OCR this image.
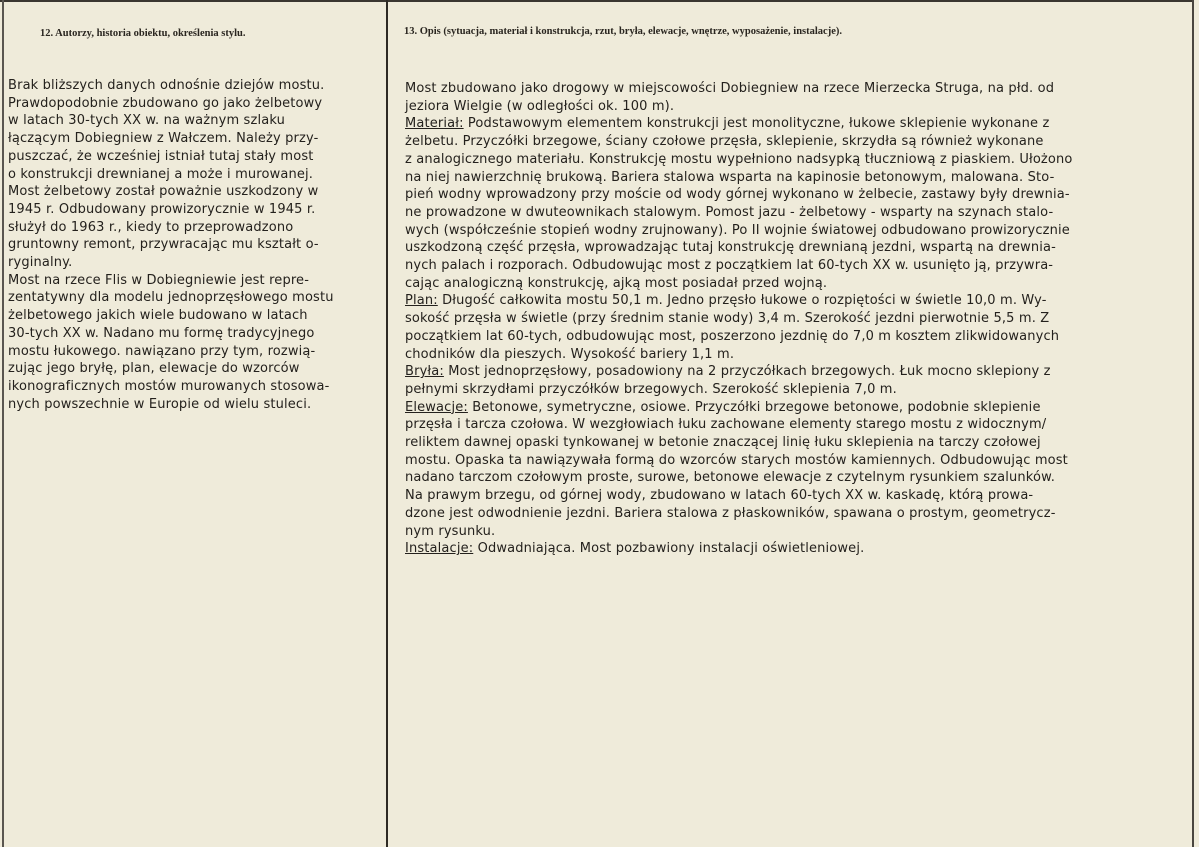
12. Autorzy, historia obiektu, określenia stylu.	13. Opis (sytuacja, materiał i konstrukcja, rzut, bryła, elewacje, wnętrze, wyposażenie, instalacje).
Brak bliższych danych odnośnie dziejów mostu.
Prawdopodobnie zbudowano go jako żelbetowy
w latach 30-tych XX w. na ważnym szlaku
łączącym Dobiegniew z Wałczem. Należy przy-
puszczać, że wcześniej istniał tutaj stały most
o konstrukcji drewnianej a może i murowanej.
Most żelbetowy został poważnie uszkodzony w
1945 r. Odbudowany prowizorycznie w 1945 r.
służył do 1963 r., kiedy to przeprowadzono
gruntowny remont, przywracając mu kształt o-
ryginalny.
Most na rzece Flis w Dobiegniewie jest repre-
zentatywny dla modelu jednoprzęsłowego mostu
żelbetowego jakich wiele budowano w latach
30-tych XX w. Nadano mu formę tradycyjnego
mostu łukowego. nawiązano przy tym, rozwią-
zując jego bryłę, plan, elewacje do wzorców
ikonograficznych mostów murowanych stosowa-
nych powszechnie w Europie od wielu stuleci.
Most zbudowano jako drogowy w miejscowości Dobiegniew na rzece Mierzecka Struga, na płd. od
jeziora Wielgie (w odległości ok. 100 m).
Materiał: Podstawowym elementem konstrukcji jest monolityczne, łukowe sklepienie wykonane z
żelbetu. Przyczółki brzegowe, ściany czołowe przęsła, sklepienie, skrzydła są również wykonane
z analogicznego materiału. Konstrukcję mostu wypełniono nadsypką tłuczniową z piaskiem. Ułożono
na niej nawierzchnię brukową. Bariera stalowa wsparta na kapinosie betonowym, malowana. Sto-
pień wodny wprowadzony przy moście od wody górnej wykonano w żelbecie, zastawy były drewnia-
ne prowadzone w dwuteownikach stalowym. Pomost jazu - żelbetowy - wsparty na szynach stalo-
wych (współcześnie stopień wodny zrujnowany). Po II wojnie światowej odbudowano prowizorycznie
uszkodzoną część przęsła, wprowadzając tutaj konstrukcję drewnianą jezdni, wspartą na drewnia-
nych palach i rozporach. Odbudowując most z początkiem lat 60-tych XX w. usunięto ją, przywra-
cając analogiczną konstrukcję, ajką most posiadał przed wojną.
Plan: Długość całkowita mostu 50,1 m. Jedno przęsło łukowe o rozpiętości w świetle 10,0 m. Wy-
sokość przęsła w świetle (przy średnim stanie wody) 3,4 m. Szerokość jezdni pierwotnie 5,5 m. Z
początkiem lat 60-tych, odbudowując most, poszerzono jezdnię do 7,0 m kosztem zlikwidowanych
chodników dla pieszych. Wysokość bariery 1,1 m.
Bryła: Most jednoprzęsłowy, posadowiony na 2 przyczółkach brzegowych. Łuk mocno sklepiony z
pełnymi skrzydłami przyczółków brzegowych. Szerokość sklepienia 7,0 m.
Elewacje: Betonowe, symetryczne, osiowe. Przyczółki brzegowe betonowe, podobnie sklepienie
przęsła i tarcza czołowa. W wezgłowiach łuku zachowane elementy starego mostu z widocznym/
reliktem dawnej opaski tynkowanej w betonie znaczącej linię łuku sklepienia na tarczy czołowej
mostu. Opaska ta nawiązywała formą do wzorców starych mostów kamiennych. Odbudowując most
nadano tarczom czołowym proste, surowe, betonowe elewacje z czytelnym rysunkiem szalunków.
Na prawym brzegu, od górnej wody, zbudowano w latach 60-tych XX w. kaskadę, którą prowa-
dzone jest odwodnienie jezdni. Bariera stalowa z płaskowników, spawana o prostym, geometrycz-
nym rysunku.
Instalacje: Odwadniająca. Most pozbawiony instalacji oświetleniowej.
